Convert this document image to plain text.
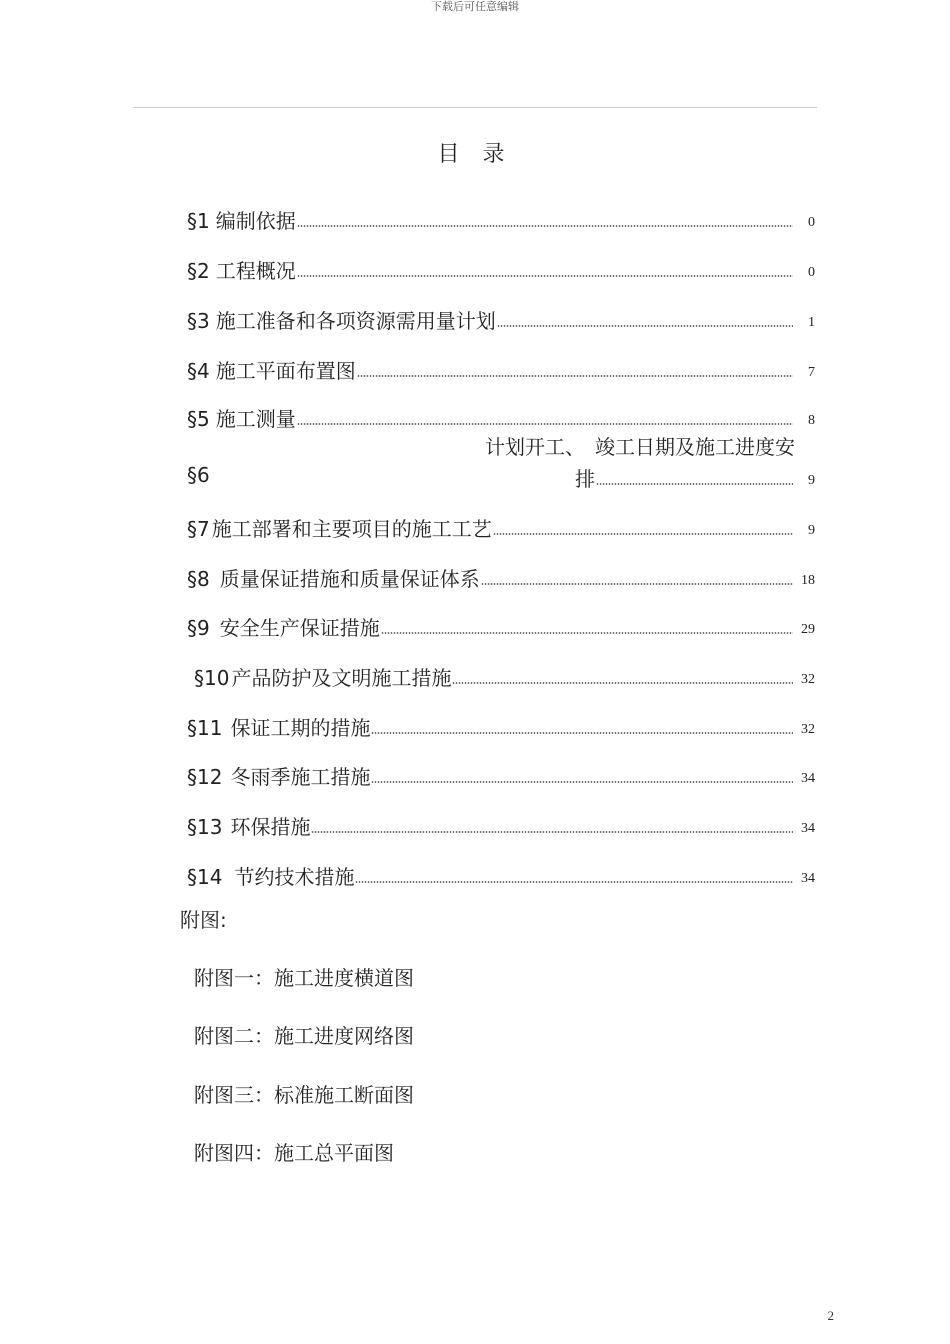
下载后可任意编辑
目 录
§1 编制依据	0
§2 工程概况	0
§3 施工准备和各项资源需用量计划	1
§4 施工平面布置图	7
§5 施工测量	8
§6
计划开工、　竣工日期及施工进度安
排	9
§7 施工部署和主要项目的施工工艺	9
§8 质量保证措施和质量保证体系	18
§9 安全生产保证措施	29
§10 产品防护及文明施工措施	32
§11 保证工期的措施	32
§12 冬雨季施工措施	34
§13 环保措施	34
§14 节约技术措施	34
附图:
附图一：施工进度横道图
附图二：施工进度网络图
附图三：标准施工断面图
附图四：施工总平面图
2
